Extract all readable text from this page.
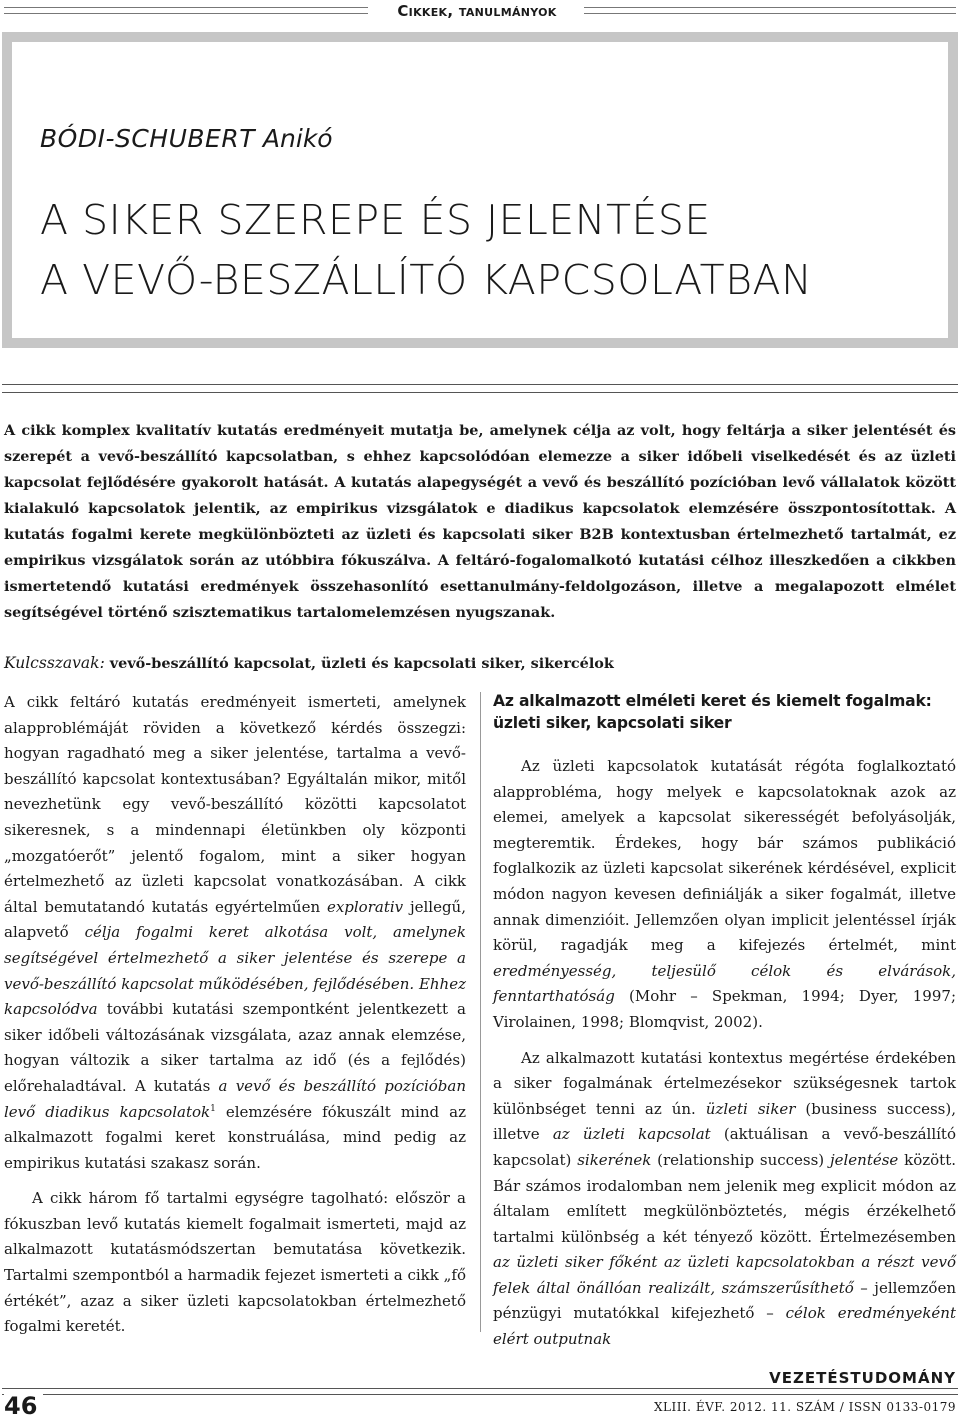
Cikkek, tanulmányok
BÓDI-SCHUBERT Anikó
A SIKER SZEREPE ÉS JELENTÉSE
A VEVŐ-BESZÁLLÍTÓ KAPCSOLATBAN
A cikk komplex kvalitatív kutatás eredményeit mutatja be, amelynek célja az volt, hogy feltárja a siker jelentését és szerepét a vevő-beszállító kapcsolatban, s ehhez kapcsolódóan elemezze a siker időbeli viselkedését és az üzleti kapcsolat fejlődésére gyakorolt hatását. A kutatás alapegységét a vevő és beszállító pozícióban levő vállalatok között kialakuló kapcsolatok jelentik, az empirikus vizsgálatok e diadikus kapcsolatok elemzésére összpontosítottak. A kutatás fogalmi kerete megkülönbözteti az üzleti és kapcsolati siker B2B kontextusban értelmezhető tartalmát, ez empirikus vizsgálatok során az utóbbira fókuszálva. A feltáró-fogalomalkotó kutatási célhoz illeszkedően a cikkben ismertetendő kutatási eredmények összehasonlító esettanulmány-feldolgozáson, illetve a megalapozott elmélet segítségével történő szisztematikus tartalomelemzésen nyugszanak.
Kulcsszavak: vevő-beszállító kapcsolat, üzleti és kapcsolati siker, sikercélok

A cikk feltáró kutatás eredményeit ismerteti, amelynek alapproblémáját röviden a következő kérdés összegzi: hogyan ragadható meg a siker jelentése, tartalma a vevő-beszállító kapcsolat kontextusában? Egyáltalán mikor, mitől nevezhetünk egy vevő-beszállító közötti kapcsolatot sikeresnek, s a mindennapi életünkben oly központi „mozgatóerőt” jelentő fogalom, mint a siker hogyan értelmezhető az üzleti kapcsolat vonatkozásában. A cikk által bemutatandó kutatás egyértelműen explorativ jellegű, alapvető célja fogalmi keret alkotása volt, amelynek segítségével értelmezhető a siker jelentése és szerepe a vevő-beszállító kapcsolat működésében, fejlődésében. Ehhez kapcsolódva további kutatási szempontként jelentkezett a siker időbeli változásának vizsgálata, azaz annak elemzése, hogyan változik a siker tartalma az idő (és a fejlődés) előrehaladtával. A kutatás a vevő és beszállító pozícióban levő diadikus kapcsolatok$^1$ elemzésére fókuszált mind az alkalmazott fogalmi keret konstruálása, mind pedig az empirikus kutatási szakasz során.

A cikk három fő tartalmi egységre tagolható: először a fókuszban levő kutatás kiemelt fogalmait ismerteti, majd az alkalmazott kutatásmódszertan bemutatása következik. Tartalmi szempontból a harmadik fejezet ismerteti a cikk „fő értékét”, azaz a siker üzleti kapcsolatokban értelmezhető fogalmi keretét.

Az alkalmazott elméleti keret és kiemelt fogalmak:
üzleti siker, kapcsolati siker

Az üzleti kapcsolatok kutatását régóta foglalkoztató alapprobléma, hogy melyek e kapcsolatoknak azok az elemei, amelyek a kapcsolat sikerességét befolyásolják, megteremtik. Érdekes, hogy bár számos publikáció foglalkozik az üzleti kapcsolat sikerének kérdésével, explicit módon nagyon kevesen definiálják a siker fogalmát, illetve annak dimenzióit. Jellemzően olyan implicit jelentéssel írják körül, ragadják meg a kifejezés értelmét, mint eredményesség, teljesülő célok és elvárások, fenntarthatóság (Mohr – Spekman, 1994; Dyer, 1997; Virolainen, 1998; Blomqvist, 2002).

Az alkalmazott kutatási kontextus megértése érdekében a siker fogalmának értelmezésekor szükségesnek tartok különbséget tenni az ún. üzleti siker (business success), illetve az üzleti kapcsolat (aktuálisan a vevő-beszállító kapcsolat) sikerének (relationship success) jelentése között. Bár számos irodalomban nem jelenik meg explicit módon az általam említett megkülönböztetés, mégis érzékelhető tartalmi különbség a két tényező között. Értelmezésemben az üzleti siker főként az üzleti kapcsolatokban a részt vevő felek által önállóan realizált, számszerűsíthető – jellemzően pénzügyi mutatókkal kifejezhető – célok eredményeként elért outputnak

46
VEZETÉSTUDOMÁNY
XLIII. ÉVF. 2012. 11. SZÁM / ISSN 0133-0179
